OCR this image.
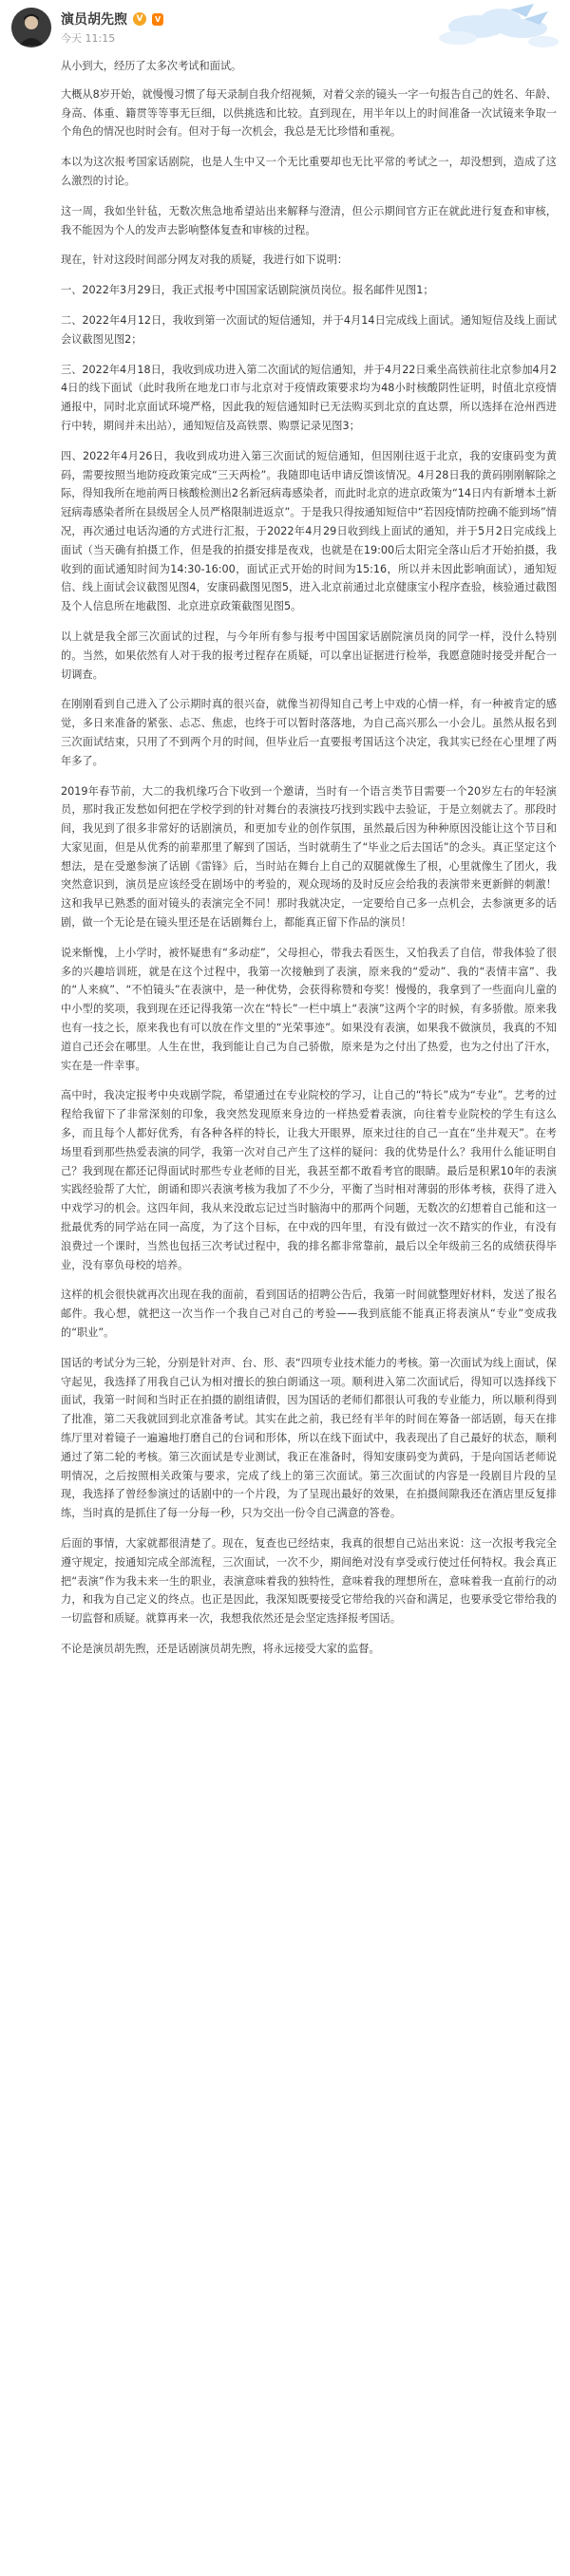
演员胡先煦	V	V
今天 11:15

从小到大，经历了太多次考试和面试。

大概从8岁开始，就慢慢习惯了每天录制自我介绍视频，对着父亲的镜头一字一句报告自己的姓名、年龄、身高、体重、籍贯等等事无巨细，以供挑选和比较。直到现在，用半年以上的时间准备一次试镜来争取一个角色的情况也时时会有。但对于每一次机会，我总是无比珍惜和重视。

本以为这次报考国家话剧院，也是人生中又一个无比重要却也无比平常的考试之一，却没想到，造成了这么激烈的讨论。

这一周，我如坐针毡，无数次焦急地希望站出来解释与澄清，但公示期间官方正在就此进行复查和审核，我不能因为个人的发声去影响整体复查和审核的过程。

现在，针对这段时间部分网友对我的质疑，我进行如下说明：

一、2022年3月29日，我正式报考中国国家话剧院演员岗位。报名邮件见图1；

二、2022年4月12日，我收到第一次面试的短信通知，并于4月14日完成线上面试。通知短信及线上面试会议截图见图2；

三、2022年4月18日，我收到成功进入第二次面试的短信通知，并于4月22日乘坐高铁前往北京参加4月24日的线下面试（此时我所在地龙口市与北京对于疫情政策要求均为48小时核酸阴性证明，时值北京疫情通报中，同时北京面试环境严格，因此我的短信通知时已无法购买到北京的直达票，所以选择在沧州西进行中转，期间并未出站），通知短信及高铁票、购票记录见图3；

四、2022年4月26日，我收到成功进入第三次面试的短信通知，但因刚往返于北京，我的安康码变为黄码，需要按照当地防疫政策完成“三天两检”。我随即电话申请反馈该情况。4月28日我的黄码刚刚解除之际，得知我所在地前两日核酸检测出2名新冠病毒感染者，而此时北京的进京政策为“14日内有新增本土新冠病毒感染者所在县级居全人员严格限制进返京”。于是我只得按通知短信中“若因疫情防控确不能到场”情况，再次通过电话沟通的方式进行汇报，于2022年4月29日收到线上面试的通知，并于5月2日完成线上面试（当天确有拍摄工作，但是我的拍摄安排是夜戏，也就是在19:00后太阳完全落山后才开始拍摄，我收到的面试通知时间为14:30-16:00，面试正式开始的时间为15:16，所以并未因此影响面试），通知短信、线上面试会议截图见图4，安康码截图见图5，进入北京前通过北京健康宝小程序查验，核验通过截图及个人信息所在地截图、北京进京政策截图见图5。

以上就是我全部三次面试的过程，与今年所有参与报考中国国家话剧院演员岗的同学一样，没什么特别的。当然，如果依然有人对于我的报考过程存在质疑，可以拿出证据进行检举，我愿意随时接受并配合一切调查。

在刚刚看到自己进入了公示期时真的很兴奋，就像当初得知自己考上中戏的心情一样，有一种被肯定的感觉，多日来准备的紧张、忐忑、焦虑，也终于可以暂时落落地，为自己高兴那么一小会儿。虽然从报名到三次面试结束，只用了不到两个月的时间，但毕业后一直要报考国话这个决定，我其实已经在心里埋了两年多了。

2019年春节前，大二的我机缘巧合下收到一个邀请，当时有一个语言类节目需要一个20岁左右的年轻演员，那时我正发愁如何把在学校学到的针对舞台的表演技巧找到实践中去验证，于是立刻就去了。那段时间，我见到了很多非常好的话剧演员，和更加专业的创作氛围，虽然最后因为种种原因没能让这个节目和大家见面，但是从优秀的前辈那里了解到了国话，当时就萌生了“毕业之后去国话”的念头。真正坚定这个想法，是在受邀参演了话剧《雷锋》后，当时站在舞台上自己的双腿就像生了根，心里就像生了团火，我突然意识到，演员是应该经受在剧场中的考验的，观众现场的及时反应会给我的表演带来更新鲜的刺激！这和我早已熟悉的面对镜头的表演完全不同！那时我就决定，一定要给自己多一点机会，去参演更多的话剧，做一个无论是在镜头里还是在话剧舞台上，都能真正留下作品的演员！

说来惭愧，上小学时，被怀疑患有“多动症”，父母担心，带我去看医生，又怕我丢了自信，带我体验了很多的兴趣培训班，就是在这个过程中，我第一次接触到了表演，原来我的“爱动”、我的“表情丰富”、我的“人来疯”、“不怕镜头”在表演中，是一种优势，会获得称赞和夸奖！慢慢的，我拿到了一些面向儿童的中小型的奖项，我到现在还记得我第一次在“特长”一栏中填上“表演”这两个字的时候，有多骄傲。原来我也有一技之长，原来我也有可以放在作文里的“光荣事迹”。如果没有表演，如果我不做演员，我真的不知道自己还会在哪里。人生在世，我到能让自己为自己骄傲，原来是为之付出了热爱，也为之付出了汗水，实在是一件幸事。

高中时，我决定报考中央戏剧学院，希望通过在专业院校的学习，让自己的“特长”成为“专业”。艺考的过程给我留下了非常深刻的印象，我突然发现原来身边的一样热爱着表演，向往着专业院校的学生有这么多，而且每个人都好优秀，有各种各样的特长，让我大开眼界，原来过往的自己一直在“坐井观天”。在考场里看到那些热爱表演的同学，我第一次对自己产生了这样的疑问：我的优势是什么？我用什么能证明自己？我到现在都还记得面试时那些专业老师的目光，我甚至都不敢看考官的眼睛。最后是积累10年的表演实践经验帮了大忙，朗诵和即兴表演考核为我加了不少分，平衡了当时相对薄弱的形体考核，获得了进入中戏学习的机会。这四年间，我从来没敢忘记过当时脑海中的那两个问题，无数次的幻想着自己能和这一批最优秀的同学站在同一高度，为了这个目标，在中戏的四年里，有没有做过一次不踏实的作业，有没有浪费过一个课时，当然也包括三次考试过程中，我的排名都非常靠前，最后以全年级前三名的成绩获得毕业，没有辜负母校的培养。

这样的机会很快就再次出现在我的面前，看到国话的招聘公告后，我第一时间就整理好材料，发送了报名邮件。我心想，就把这一次当作一个我自己对自己的考验——我到底能不能真正将表演从“专业”变成我的“职业”。

国话的考试分为三轮，分别是针对声、台、形、表“四项专业技术能力的考核。第一次面试为线上面试，保守起见，我选择了用我自己认为相对擅长的独白朗诵这一项。顺利进入第二次面试后，得知可以选择线下面试，我第一时间和当时正在拍摄的剧组请假，因为国话的老师们都很认可我的专业能力，所以顺利得到了批准，第二天我就回到北京准备考试。其实在此之前，我已经有半年的时间在筹备一部话剧，每天在排练厅里对着镜子一遍遍地打磨自己的台词和形体，所以在线下面试中，我表现出了自己最好的状态，顺利通过了第二轮的考核。第三次面试是专业测试，我正在准备时，得知安康码变为黄码，于是向国话老师说明情况，之后按照相关政策与要求，完成了线上的第三次面试。第三次面试的内容是一段剧目片段的呈现，我选择了曾经参演过的话剧中的一个片段，为了呈现出最好的效果，在拍摄间隙我还在酒店里反复排练，当时真的是抓住了每一分每一秒，只为交出一份令自己满意的答卷。

后面的事情，大家就都很清楚了。现在，复查也已经结束，我真的很想自己站出来说：这一次报考我完全遵守规定，按通知完成全部流程，三次面试，一次不少，期间绝对没有享受或行使过任何特权。我会真正把“表演”作为我未来一生的职业，表演意味着我的独特性，意味着我的理想所在，意味着我一直前行的动力，和我为自己定义的终点。也正是因此，我深知既要接受它带给我的兴奋和满足，也要承受它带给我的一切监督和质疑。就算再来一次，我想我依然还是会坚定选择报考国话。

不论是演员胡先煦，还是话剧演员胡先煦，将永远接受大家的监督。
